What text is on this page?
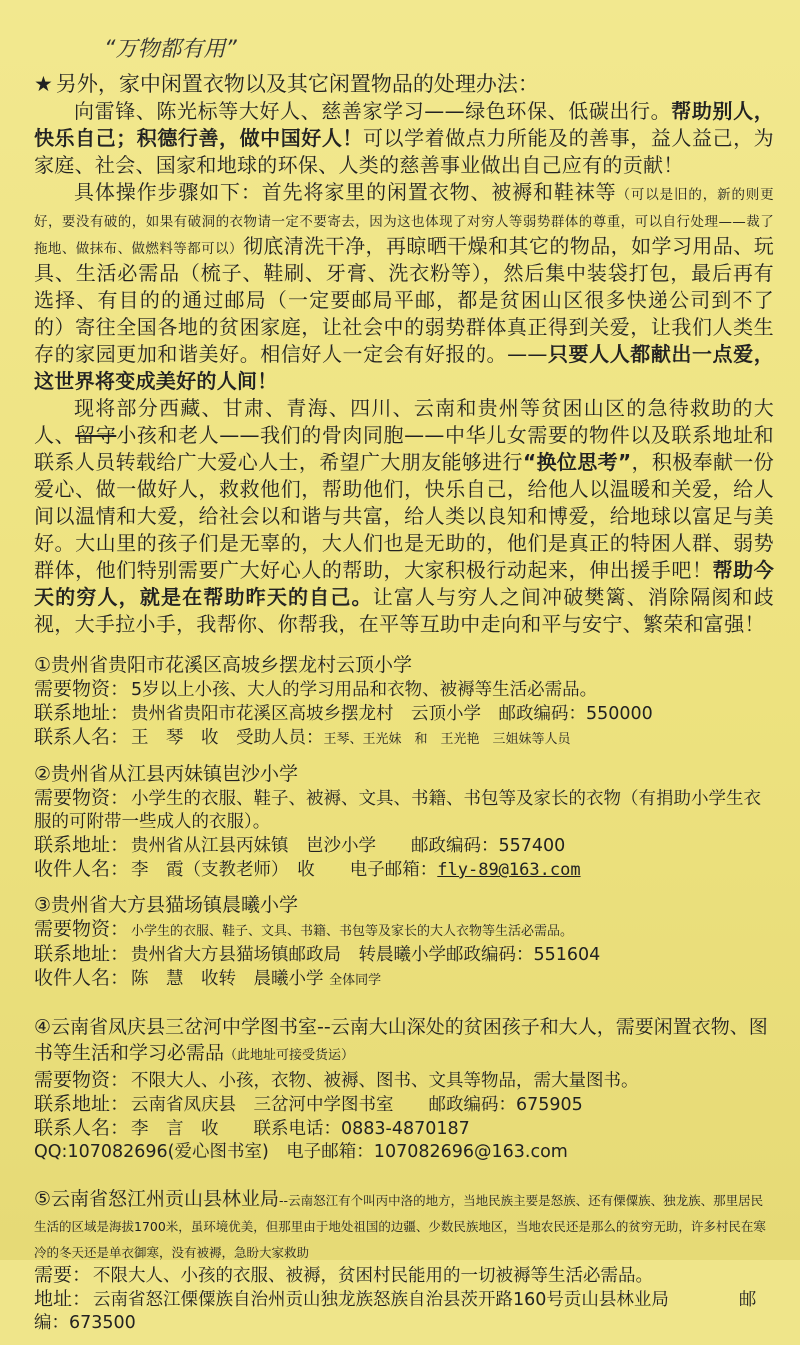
“万物都有用”
★ 另外，家中闲置衣物以及其它闲置物品的处理办法：
向雷锋、陈光标等大好人、慈善家学习——绿色环保、低碳出行。帮助别人，快乐自己；积德行善，做中国好人！可以学着做点力所能及的善事，益人益己，为家庭、社会、国家和地球的环保、人类的慈善事业做出自己应有的贡献！
具体操作步骤如下：首先将家里的闲置衣物、被褥和鞋袜等（可以是旧的，新的则更好，要没有破的，如果有破洞的衣物请一定不要寄去，因为这也体现了对穷人等弱势群体的尊重，可以自行处理——裁了拖地、做抹布、做燃料等都可以）彻底清洗干净，再晾晒干燥和其它的物品，如学习用品、玩具、生活必需品（梳子、鞋刷、牙膏、洗衣粉等），然后集中装袋打包，最后再有选择、有目的的通过邮局（一定要邮局平邮，都是贫困山区很多快递公司到不了的）寄往全国各地的贫困家庭，让社会中的弱势群体真正得到关爱，让我们人类生存的家园更加和谐美好。相信好人一定会有好报的。——只要人人都献出一点爱，这世界将变成美好的人间！
现将部分西藏、甘肃、青海、四川、云南和贵州等贫困山区的急待救助的大人、留守小孩和老人——我们的骨肉同胞——中华儿女需要的物件以及联系地址和联系人员转载给广大爱心人士，希望广大朋友能够进行“换位思考”，积极奉献一份爱心、做一做好人，救救他们，帮助他们，快乐自己，给他人以温暖和关爱，给人间以温情和大爱，给社会以和谐与共富，给人类以良知和博爱，给地球以富足与美好。大山里的孩子们是无辜的，大人们也是无助的，他们是真正的特困人群、弱势群体，他们特别需要广大好心人的帮助，大家积极行动起来，伸出援手吧！帮助今天的穷人，就是在帮助昨天的自己。让富人与穷人之间冲破樊篱、消除隔阂和歧视，大手拉小手，我帮你、你帮我，在平等互助中走向和平与安宁、繁荣和富强！
①贵州省贵阳市花溪区高坡乡摆龙村云顶小学
需要物资： 5岁以上小孩、大人的学习用品和衣物、被褥等生活必需品。
联系地址： 贵州省贵阳市花溪区高坡乡摆龙村　云顶小学　邮政编码：550000
联系人名： 王　琴　收　受助人员：王琴、王光妹　和　王光艳　三姐妹等人员
②贵州省从江县丙妹镇岜沙小学
需要物资： 小学生的衣服、鞋子、被褥、文具、书籍、书包等及家长的衣物（有捐助小学生衣服的可附带一些成人的衣服）。
联系地址： 贵州省从江县丙妹镇　岜沙小学　　邮政编码：557400
收件人名： 李　霞（支教老师）　收　　电子邮箱：fly-89@163.com
③贵州省大方县猫场镇晨曦小学
需要物资： 小学生的衣服、鞋子、文具、书籍、书包等及家长的大人衣物等生活必需品。
联系地址： 贵州省大方县猫场镇邮政局　转晨曦小学邮政编码：551604
收件人名： 陈　慧　收转　晨曦小学 全体同学
④云南省凤庆县三岔河中学图书室--云南大山深处的贫困孩子和大人，需要闲置衣物、图书等生活和学习必需品（此地址可接受货运）
需要物资： 不限大人、小孩，衣物、被褥、图书、文具等物品，需大量图书。
联系地址： 云南省凤庆县　三岔河中学图书室　　邮政编码：675905
联系人名： 李　言　收　　联系电话：0883-4870187
QQ:107082696(爱心图书室)　电子邮箱：107082696@163.com
⑤云南省怒江州贡山县林业局--云南怒江有个叫丙中洛的地方，当地民族主要是怒族、还有傈僳族、独龙族、那里居民生活的区域是海拔1700米，虽环境优美，但那里由于地处祖国的边疆、少数民族地区，当地农民还是那么的贫穷无助，许多村民在寒冷的冬天还是单衣御寒，没有被褥，急盼大家救助
需要： 不限大人、小孩的衣服、被褥，贫困村民能用的一切被褥等生活必需品。
地址： 云南省怒江傈僳族自治州贡山独龙族怒族自治县茨开路160号贡山县林业局　　　　邮编：673500
